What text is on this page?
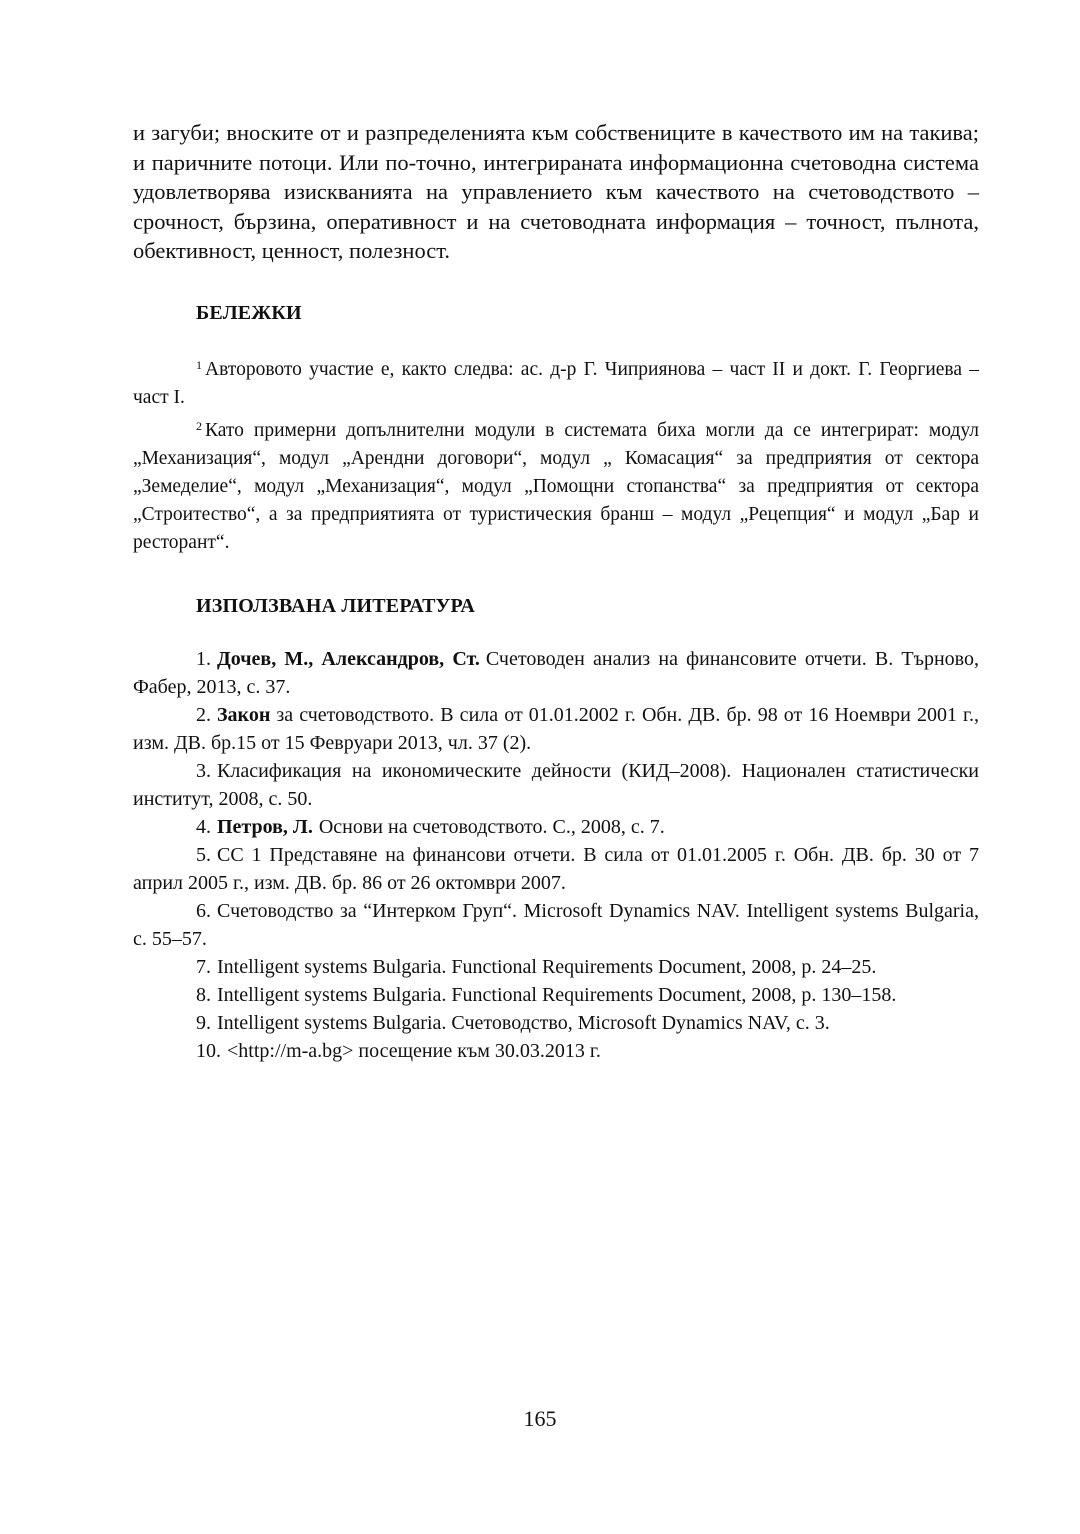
и загуби; вноските от и разпределенията към собствениците в качеството им на такива; и паричните потоци. Или по-точно, интегрираната информационна счетоводна система удовлетворява изискванията на управлението към качеството на счетоводството – срочност, бързина, оперативност и на счетоводната информация – точност, пълнота, обективност, ценност, полезност.

БЕЛЕЖКИ

$^1$ Авторовото участие е, както следва: ас. д-р Г. Чиприянова – част II и докт. Г. Георгиева – част I.

$^2$ Като примерни допълнителни модули в системата биха могли да се интегрират: модул „Механизация“, модул „Арендни договори“, модул „ Комасация“ за предприятия от сектора „Земеделие“, модул „Механизация“, модул „Помощни стопанства“ за предприятия от сектора „Строитество“, а за предприятията от туристическия бранш – модул „Рецепция“ и модул „Бар и ресторант“.

ИЗПОЛЗВАНА ЛИТЕРАТУРА

1. Дочев, М., Александров, Ст. Счетоводен анализ на финансовите отчети. В. Търново, Фабер, 2013, с. 37.

2. Закон за счетоводството. В сила от 01.01.2002 г. Обн. ДВ. бр. 98 от 16 Ноември 2001 г., изм. ДВ. бр.15 от 15 Февруари 2013, чл. 37 (2).

3. Класификация на икономическите дейности (КИД–2008). Национален статистически институт, 2008, с. 50.

4. Петров, Л. Основи на счетоводството. С., 2008, с. 7.

5. СС 1 Представяне на финансови отчети. В сила от 01.01.2005 г. Обн. ДВ. бр. 30 от 7 април 2005 г., изм. ДВ. бр. 86 от 26 октомври 2007.

6. Счетоводство за “Интерком Груп“. Microsoft Dynamics NAV. Intelligent systems Bulgaria, с. 55–57.

7. Intelligent systems Bulgaria. Functional Requirements Document, 2008, p. 24–25.

8. Intelligent systems Bulgaria. Functional Requirements Document, 2008, p. 130–158.

9. Intelligent systems Bulgaria. Счетоводство, Microsoft Dynamics NAV, с. 3.

10. <http://m-a.bg> посещение към 30.03.2013 г.

165
